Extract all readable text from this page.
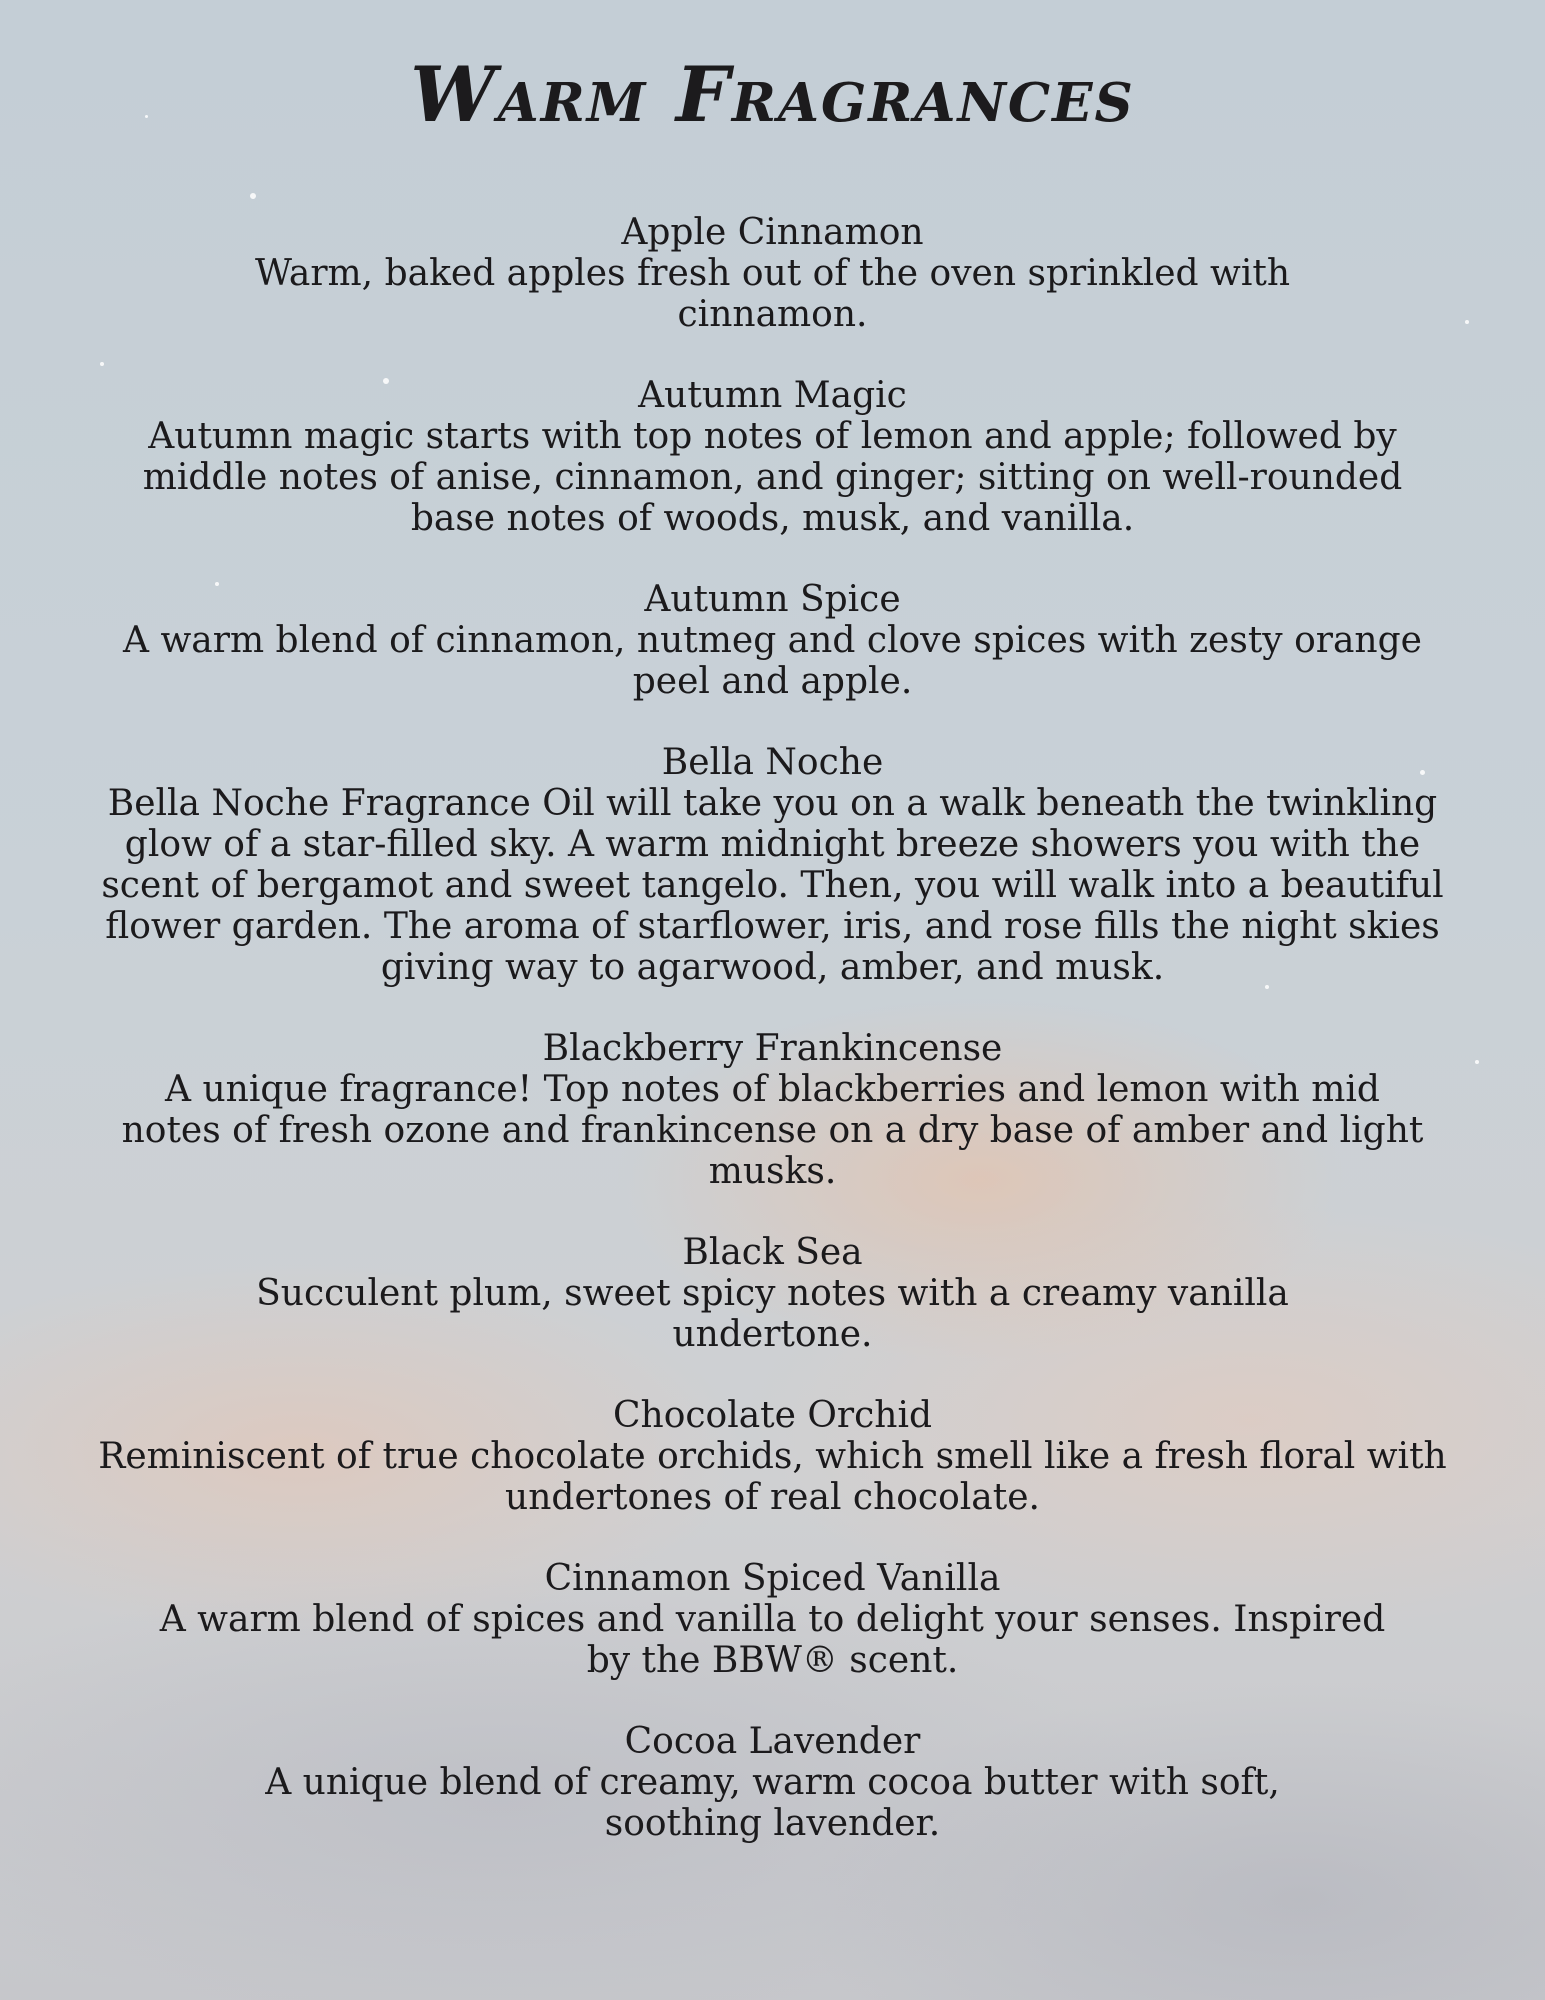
Warm Fragrances

Apple Cinnamon

Warm, baked apples fresh out of the oven sprinkled with cinnamon.

Autumn Magic

Autumn magic starts with top notes of lemon and apple; followed by middle notes of anise, cinnamon, and ginger; sitting on well-rounded base notes of woods, musk, and vanilla.

Autumn Spice

A warm blend of cinnamon, nutmeg and clove spices with zesty orange peel and apple.

Bella Noche

Bella Noche Fragrance Oil will take you on a walk beneath the twinkling glow of a star-filled sky. A warm midnight breeze showers you with the scent of bergamot and sweet tangelo. Then, you will walk into a beautiful flower garden. The aroma of starflower, iris, and rose fills the night skies giving way to agarwood, amber, and musk.

Blackberry Frankincense

A unique fragrance! Top notes of blackberries and lemon with mid notes of fresh ozone and frankincense on a dry base of amber and light musks.

Black Sea

Succulent plum, sweet spicy notes with a creamy vanilla undertone.

Chocolate Orchid

Reminiscent of true chocolate orchids, which smell like a fresh floral with undertones of real chocolate.

Cinnamon Spiced Vanilla

A warm blend of spices and vanilla to delight your senses. Inspired by the BBW® scent.

Cocoa Lavender

A unique blend of creamy, warm cocoa butter with soft, soothing lavender.
